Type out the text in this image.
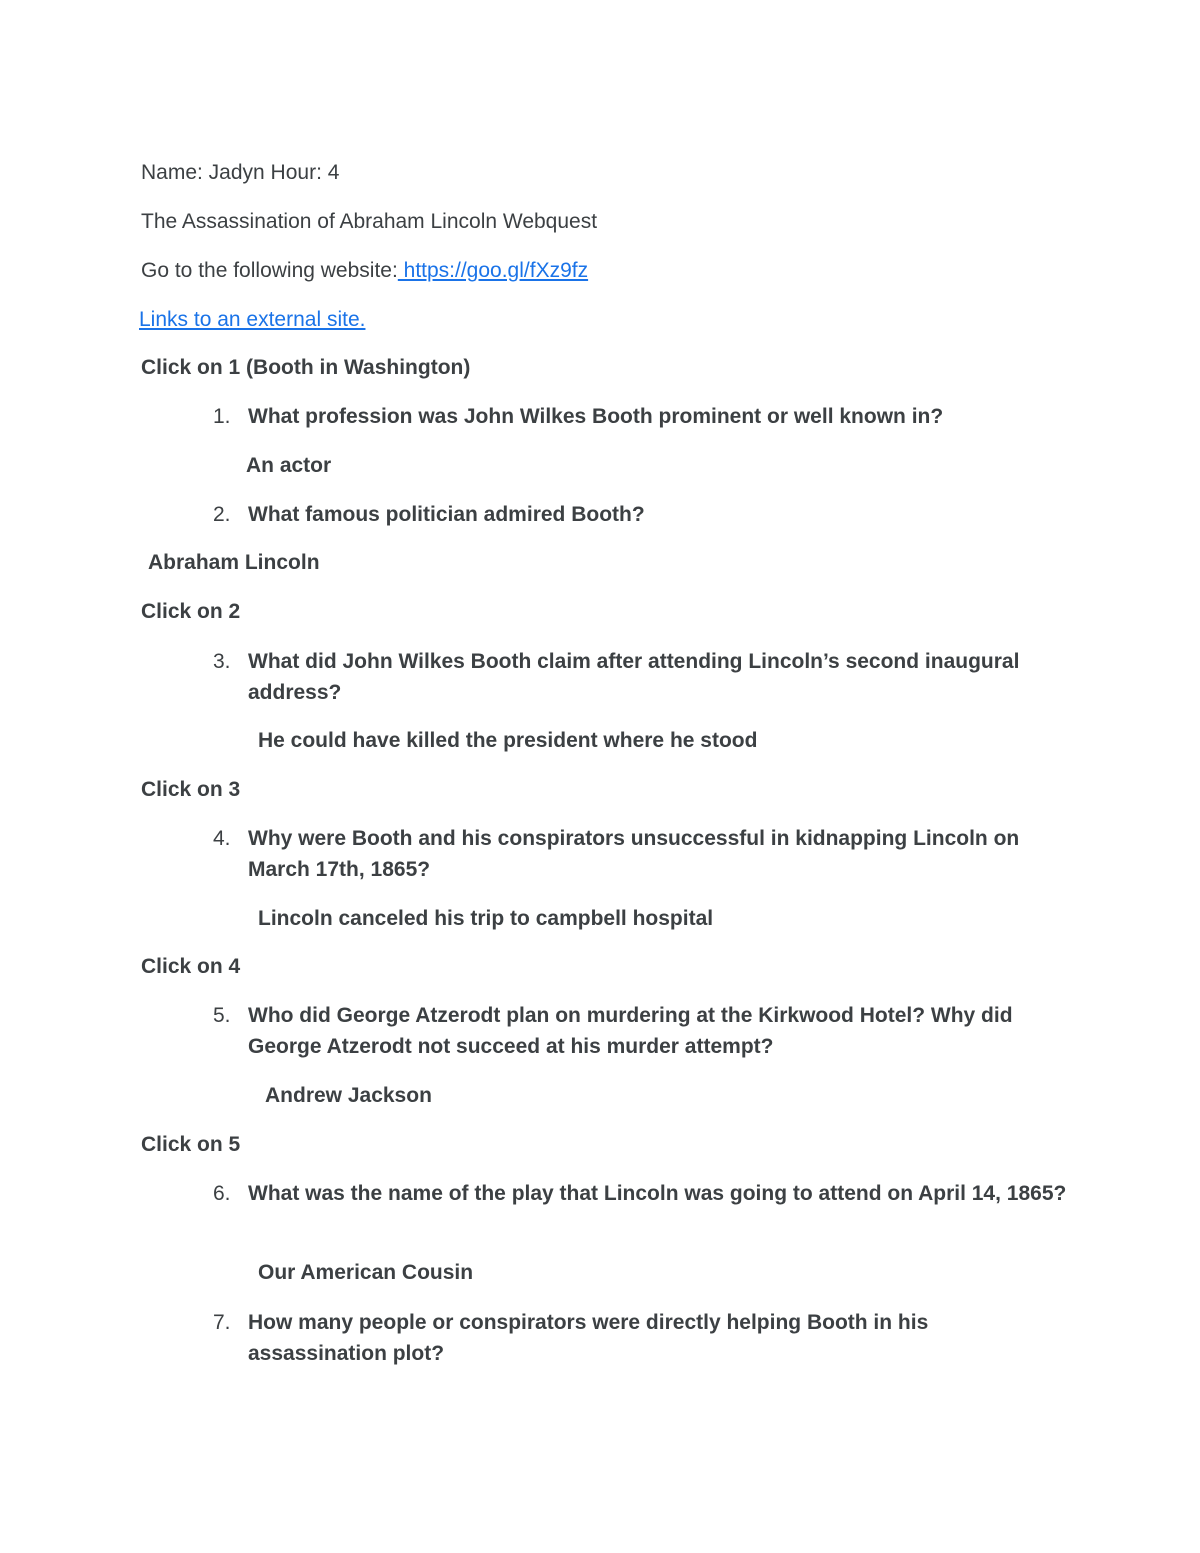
Name: Jadyn Hour: 4
The Assassination of Abraham Lincoln Webquest
Go to the following website: https://goo.gl/fXz9fz
Links to an external site.
Click on 1 (Booth in Washington)
1. What profession was John Wilkes Booth prominent or well known in?
An actor
2. What famous politician admired Booth?
Abraham Lincoln
Click on 2
3. What did John Wilkes Booth claim after attending Lincoln’s second inaugural address?
He could have killed the president where he stood
Click on 3
4. Why were Booth and his conspirators unsuccessful in kidnapping Lincoln on March 17th, 1865?
Lincoln canceled his trip to campbell hospital
Click on 4
5. Who did George Atzerodt plan on murdering at the Kirkwood Hotel? Why did George Atzerodt not succeed at his murder attempt?
Andrew Jackson
Click on 5
6. What was the name of the play that Lincoln was going to attend on April 14, 1865?
Our American Cousin
7. How many people or conspirators were directly helping Booth in his assassination plot?
